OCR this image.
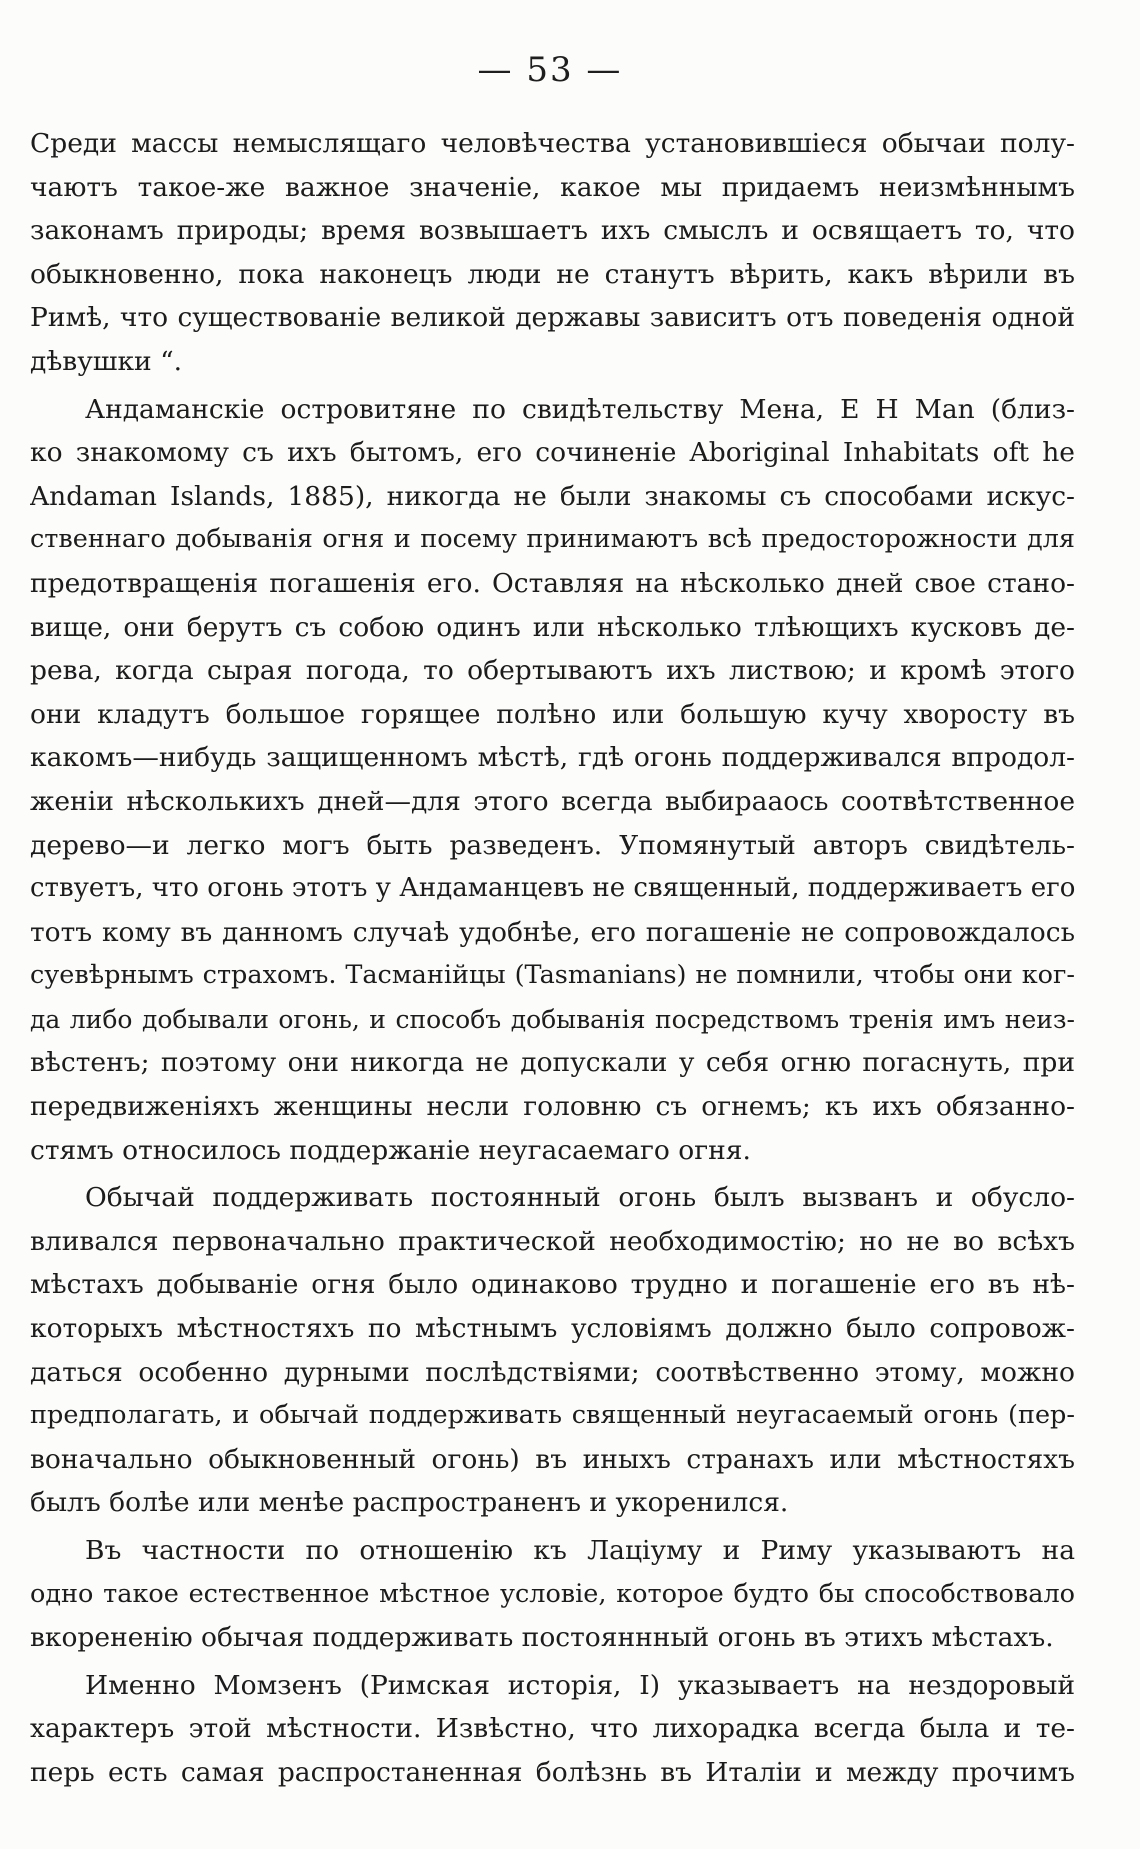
— 53 —
Среди массы немыслящаго человѣчества установившіеся обычаи полу-
чаютъ такое-же важное значеніе, какое мы придаемъ неизмѣннымъ
законамъ природы; время возвышаетъ ихъ смыслъ и освящаетъ то, что
обыкновенно, пока наконецъ люди не станутъ вѣрить, какъ вѣрили въ
Римѣ, что существованіе великой державы зависитъ отъ поведенія одной
дѣвушки “.
Андаманскіе островитяне по свидѣтельству Мена, E H Man (близ-
ко знакомому съ ихъ бытомъ, его сочиненіе Aboriginal Inhabitats oft he
Andaman Islands, 1885), никогда не были знакомы съ способами искус-
ственнаго добыванія огня и посему принимаютъ всѣ предосторожности для
предотвращенія погашенія его. Оставляя на нѣсколько дней свое стано-
вище, они берутъ съ собою одинъ или нѣсколько тлѣющихъ кусковъ де-
рева, когда сырая погода, то обертываютъ ихъ листвою; и кромѣ этого
они кладутъ большое горящее полѣно или большую кучу хворосту въ
какомъ—нибудь защищенномъ мѣстѣ, гдѣ огонь поддерживался впродол-
женіи нѣсколькихъ дней—для этого всегда выбирааось соотвѣтственное
дерево—и легко могъ быть разведенъ. Упомянутый авторъ свидѣтель-
ствуетъ, что огонь этотъ у Андаманцевъ не священный, поддерживаетъ его
тотъ кому въ данномъ случаѣ удобнѣе, его погашеніе не сопровождалось
суевѣрнымъ страхомъ. Тасманійцы (Tasmanians) не помнили, чтобы они ког-
да либо добывали огонь, и способъ добыванія посредствомъ тренія имъ неиз-
вѣстенъ; поэтому они никогда не допускали у себя огню погаснуть, при
передвиженіяхъ женщины несли головню съ огнемъ; къ ихъ обязанно-
стямъ относилось поддержаніе неугасаемаго огня.
Обычай поддерживать постоянный огонь былъ вызванъ и обусло-
вливался первоначально практической необходимостію; но не во всѣхъ
мѣстахъ добываніе огня было одинаково трудно и погашеніе его въ нѣ-
которыхъ мѣстностяхъ по мѣстнымъ условіямъ должно было сопровож-
даться особенно дурными послѣдствіями; соотвѣственно этому, можно
предполагать, и обычай поддерживать священный неугасаемый огонь (пер-
воначально обыкновенный огонь) въ иныхъ странахъ или мѣстностяхъ
былъ болѣе или менѣе распространенъ и укоренился.
Въ частности по отношенію къ Лаціуму и Риму указываютъ на
одно такое естественное мѣстное условіе, которое будто бы способствовало
вкорененію обычая поддерживать постояннный огонь въ этихъ мѣстахъ.
Именно Момзенъ (Римская исторія, I) указываетъ на нездоровый
характеръ этой мѣстности. Извѣстно, что лихорадка всегда была и те-
перь есть самая распростаненная болѣзнь въ Италіи и между прочимъ
